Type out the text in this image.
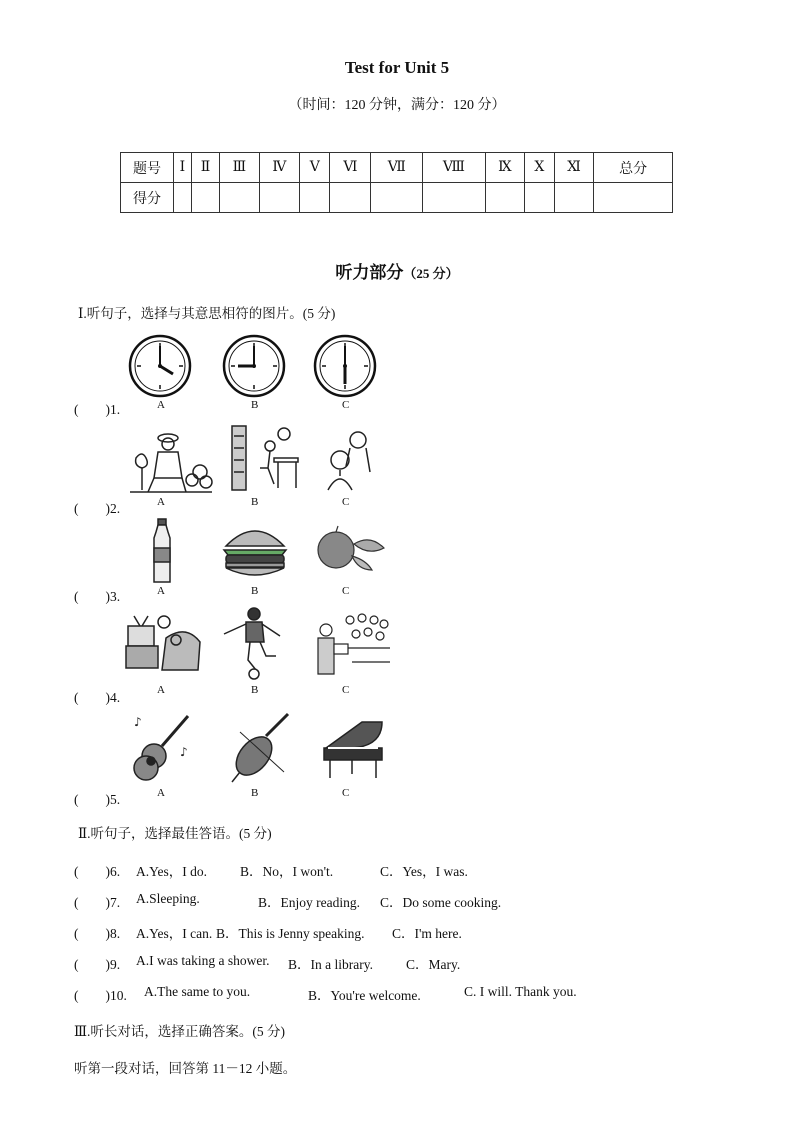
Test for Unit 5
（时间：120 分钟，满分：120 分）
题号	Ⅰ	Ⅱ	Ⅲ	Ⅳ	Ⅴ	Ⅵ	Ⅶ	Ⅷ	Ⅸ	Ⅹ	Ⅺ	总分
得分												
听力部分（25 分）
Ⅰ.听句子，选择与其意思相符的图片。(5 分)
A	B	C
(　　)1.
A	B	C
(　　)2.
A	B	C
(　　)3.
A	B	C
(　　)4.
♪
♪
A	B	C
(　　)5.
Ⅱ.听句子，选择最佳答语。(5 分)
(　　)6. A.Yes，I do. B．No，I won't.	C．Yes，I was.
(　　)7. A.Sleeping.	B．Enjoy reading. C．Do some cooking.
(　　)8. A.Yes，I can. B．This is Jenny speaking. C．I'm here.
(　　)9. A.I was taking a shower. B．In a library. C．Mary.
(　　)10. A.The same to you.	B．You're welcome.	C. I will. Thank you.
Ⅲ.听长对话，选择正确答案。(5 分)
听第一段对话，回答第 11－12 小题。
